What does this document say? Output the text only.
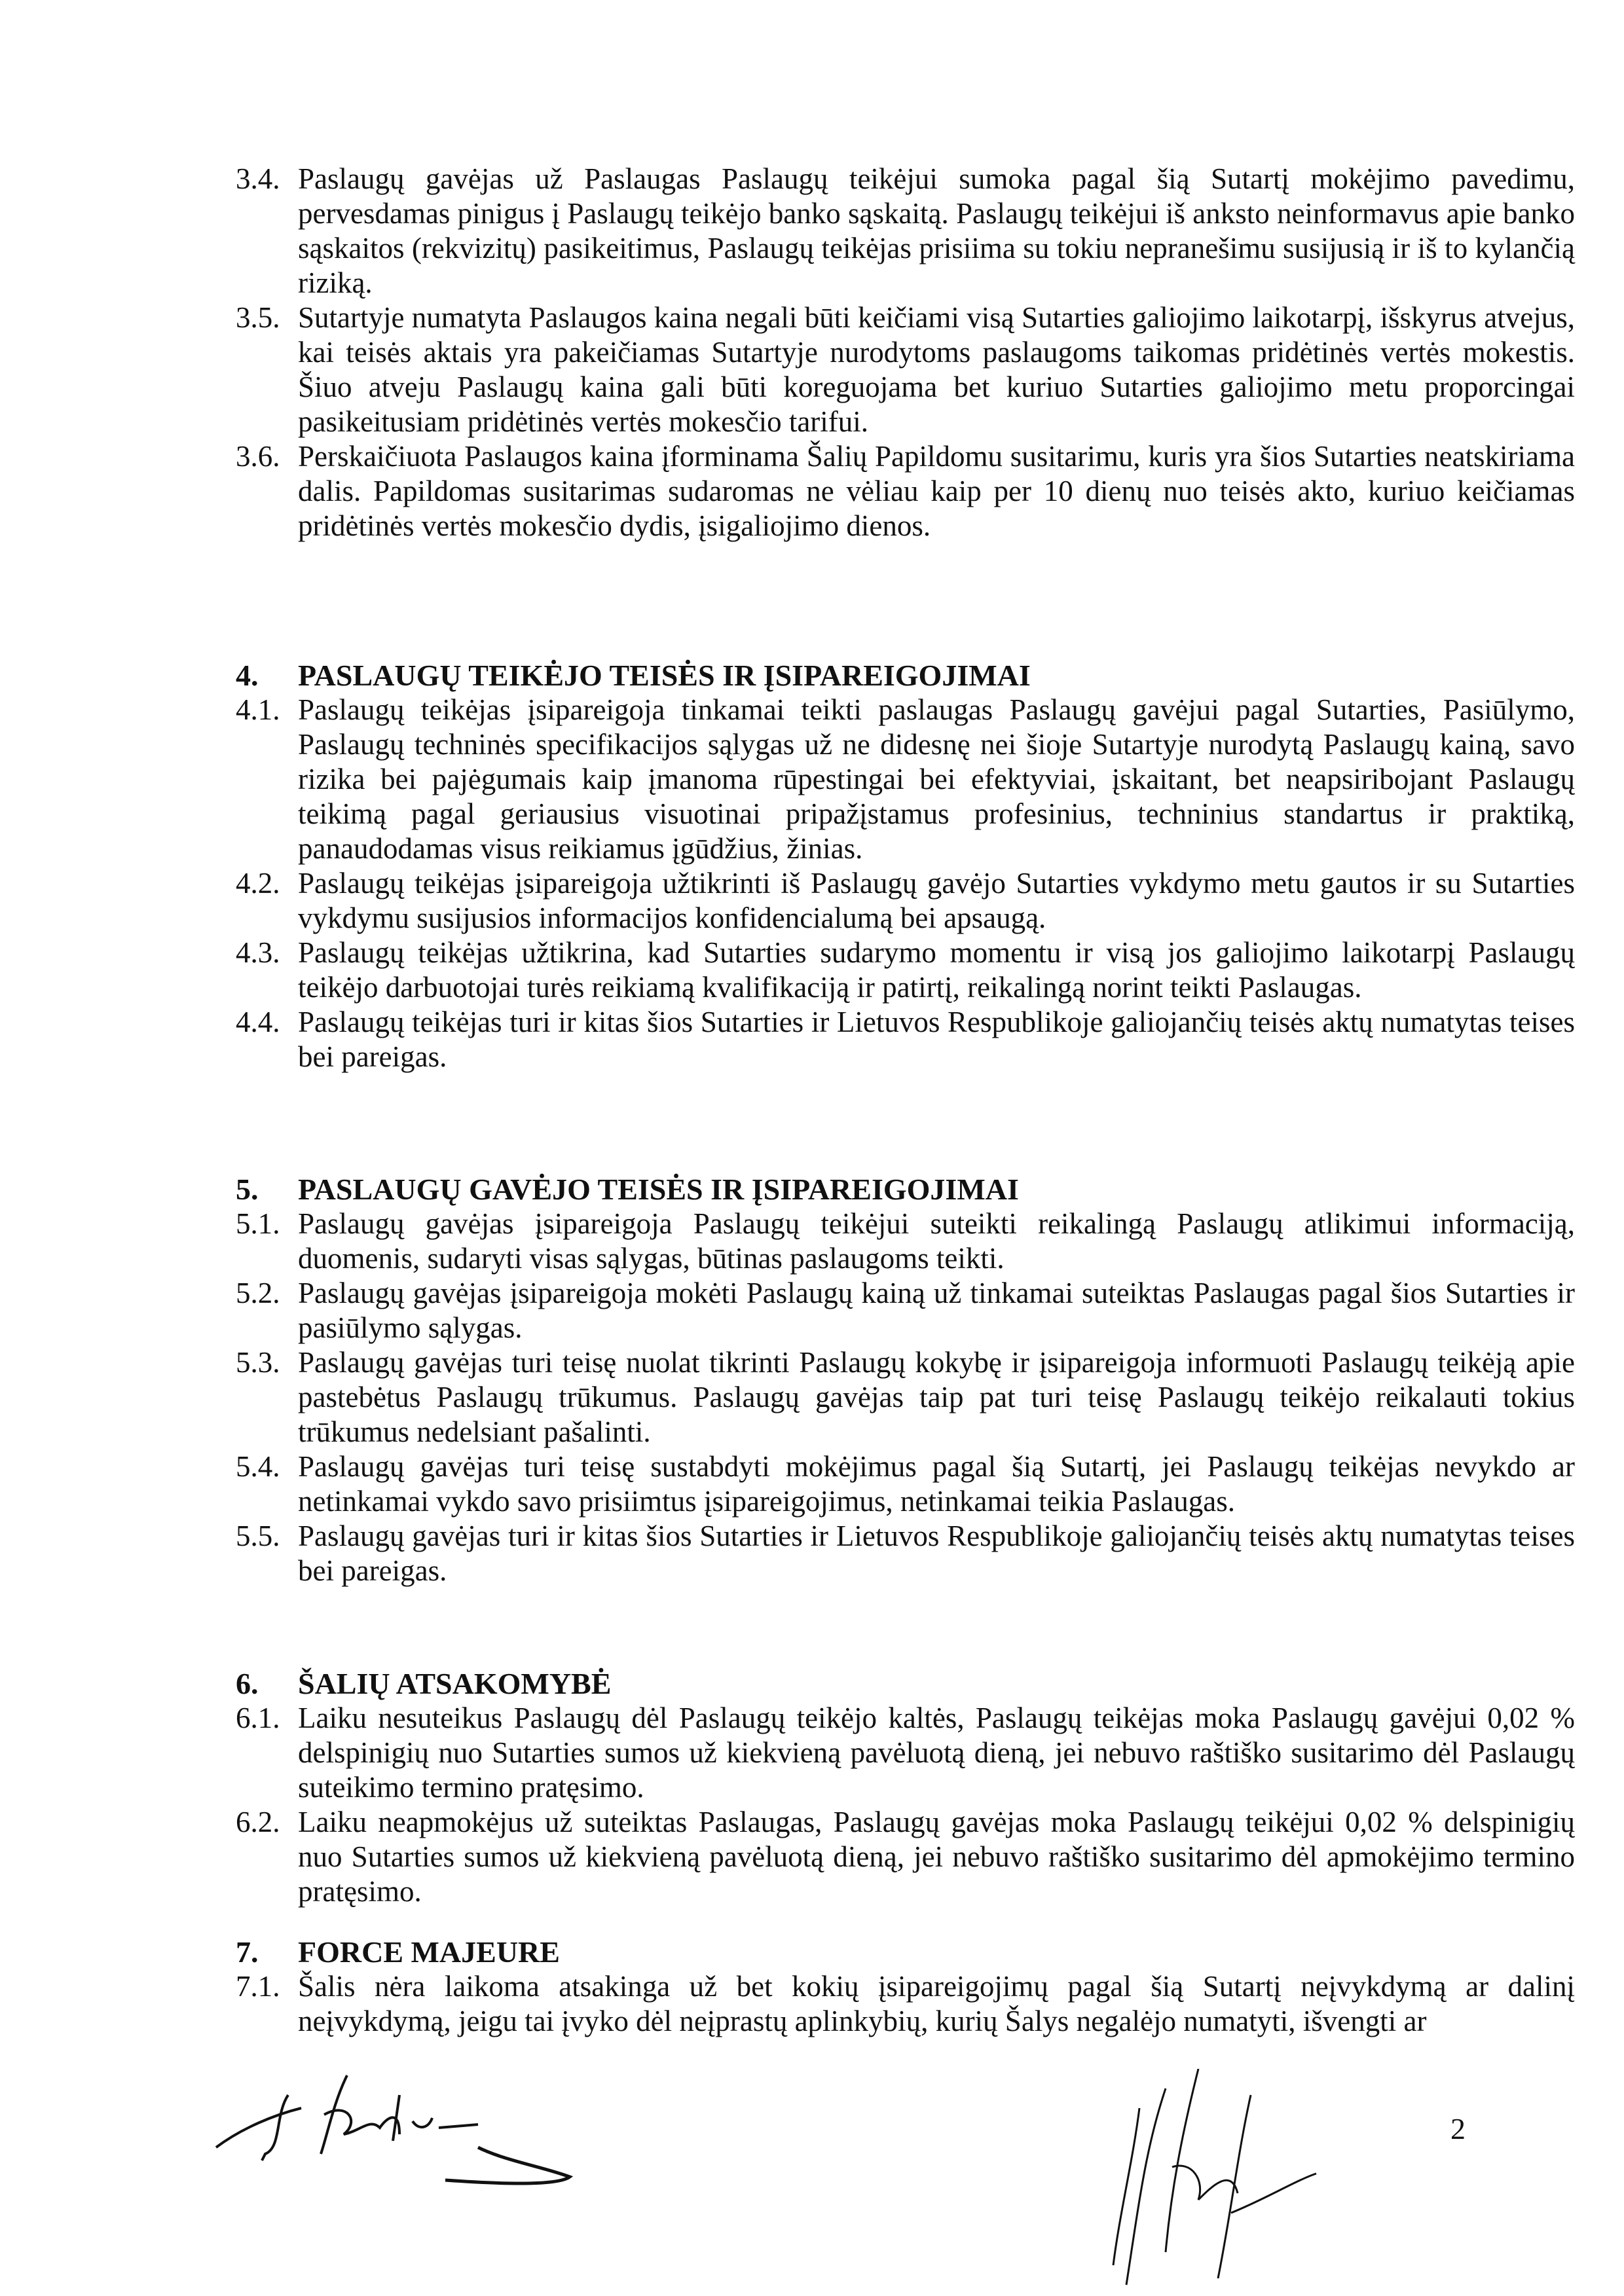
3.4. Paslaugų gavėjas už Paslaugas Paslaugų teikėjui sumoka pagal šią Sutartį mokėjimo pavedimu, pervesdamas pinigus į Paslaugų teikėjo banko sąskaitą. Paslaugų teikėjui iš anksto neinformavus apie banko sąskaitos (rekvizitų) pasikeitimus, Paslaugų teikėjas prisiima su tokiu nepranešimu susijusią ir iš to kylančią riziką.
3.5. Sutartyje numatyta Paslaugos kaina negali būti keičiami visą Sutarties galiojimo laikotarpį, išskyrus atvejus, kai teisės aktais yra pakeičiamas Sutartyje nurodytoms paslaugoms taikomas pridėtinės vertės mokestis. Šiuo atveju Paslaugų kaina gali būti koreguojama bet kuriuo Sutarties galiojimo metu proporcingai pasikeitusiam pridėtinės vertės mokesčio tarifui.
3.6. Perskaičiuota Paslaugos kaina įforminama Šalių Papildomu susitarimu, kuris yra šios Sutarties neatskiriama dalis. Papildomas susitarimas sudaromas ne vėliau kaip per 10 dienų nuo teisės akto, kuriuo keičiamas pridėtinės vertės mokesčio dydis, įsigaliojimo dienos.
4.	PASLAUGŲ TEIKĖJO TEISĖS IR ĮSIPAREIGOJIMAI
4.1. Paslaugų teikėjas įsipareigoja tinkamai teikti paslaugas Paslaugų gavėjui pagal Sutarties, Pasiūlymo, Paslaugų techninės specifikacijos sąlygas už ne didesnę nei šioje Sutartyje nurodytą Paslaugų kainą, savo rizika bei pajėgumais kaip įmanoma rūpestingai bei efektyviai, įskaitant, bet neapsiribojant Paslaugų teikimą pagal geriausius visuotinai pripažįstamus profesinius, techninius standartus ir praktiką, panaudodamas visus reikiamus įgūdžius, žinias.
4.2. Paslaugų teikėjas įsipareigoja užtikrinti iš Paslaugų gavėjo Sutarties vykdymo metu gautos ir su Sutarties vykdymu susijusios informacijos konfidencialumą bei apsaugą.
4.3. Paslaugų teikėjas užtikrina, kad Sutarties sudarymo momentu ir visą jos galiojimo laikotarpį Paslaugų teikėjo darbuotojai turės reikiamą kvalifikaciją ir patirtį, reikalingą norint teikti Paslaugas.
4.4. Paslaugų teikėjas turi ir kitas šios Sutarties ir Lietuvos Respublikoje galiojančių teisės aktų numatytas teises bei pareigas.
5.	PASLAUGŲ GAVĖJO TEISĖS IR ĮSIPAREIGOJIMAI
5.1. Paslaugų gavėjas įsipareigoja Paslaugų teikėjui suteikti reikalingą Paslaugų atlikimui informaciją, duomenis, sudaryti visas sąlygas, būtinas paslaugoms teikti.
5.2. Paslaugų gavėjas įsipareigoja mokėti Paslaugų kainą už tinkamai suteiktas Paslaugas pagal šios Sutarties ir pasiūlymo sąlygas.
5.3. Paslaugų gavėjas turi teisę nuolat tikrinti Paslaugų kokybę ir įsipareigoja informuoti Paslaugų teikėją apie pastebėtus Paslaugų trūkumus. Paslaugų gavėjas taip pat turi teisę Paslaugų teikėjo reikalauti tokius trūkumus nedelsiant pašalinti.
5.4. Paslaugų gavėjas turi teisę sustabdyti mokėjimus pagal šią Sutartį, jei Paslaugų teikėjas nevykdo ar netinkamai vykdo savo prisiimtus įsipareigojimus, netinkamai teikia Paslaugas.
5.5. Paslaugų gavėjas turi ir kitas šios Sutarties ir Lietuvos Respublikoje galiojančių teisės aktų numatytas teises bei pareigas.
6.	ŠALIŲ ATSAKOMYBĖ
6.1. Laiku nesuteikus Paslaugų dėl Paslaugų teikėjo kaltės, Paslaugų teikėjas moka Paslaugų gavėjui 0,02 % delspinigių nuo Sutarties sumos už kiekvieną pavėluotą dieną, jei nebuvo raštiško susitarimo dėl Paslaugų suteikimo termino pratęsimo.
6.2. Laiku neapmokėjus už suteiktas Paslaugas, Paslaugų gavėjas moka Paslaugų teikėjui 0,02 % delspinigių nuo Sutarties sumos už kiekvieną pavėluotą dieną, jei nebuvo raštiško susitarimo dėl apmokėjimo termino pratęsimo.
7.	FORCE MAJEURE
7.1. Šalis nėra laikoma atsakinga už bet kokių įsipareigojimų pagal šią Sutartį neįvykdymą ar dalinį neįvykdymą, jeigu tai įvyko dėl neįprastų aplinkybių, kurių Šalys negalėjo numatyti, išvengti ar
2
